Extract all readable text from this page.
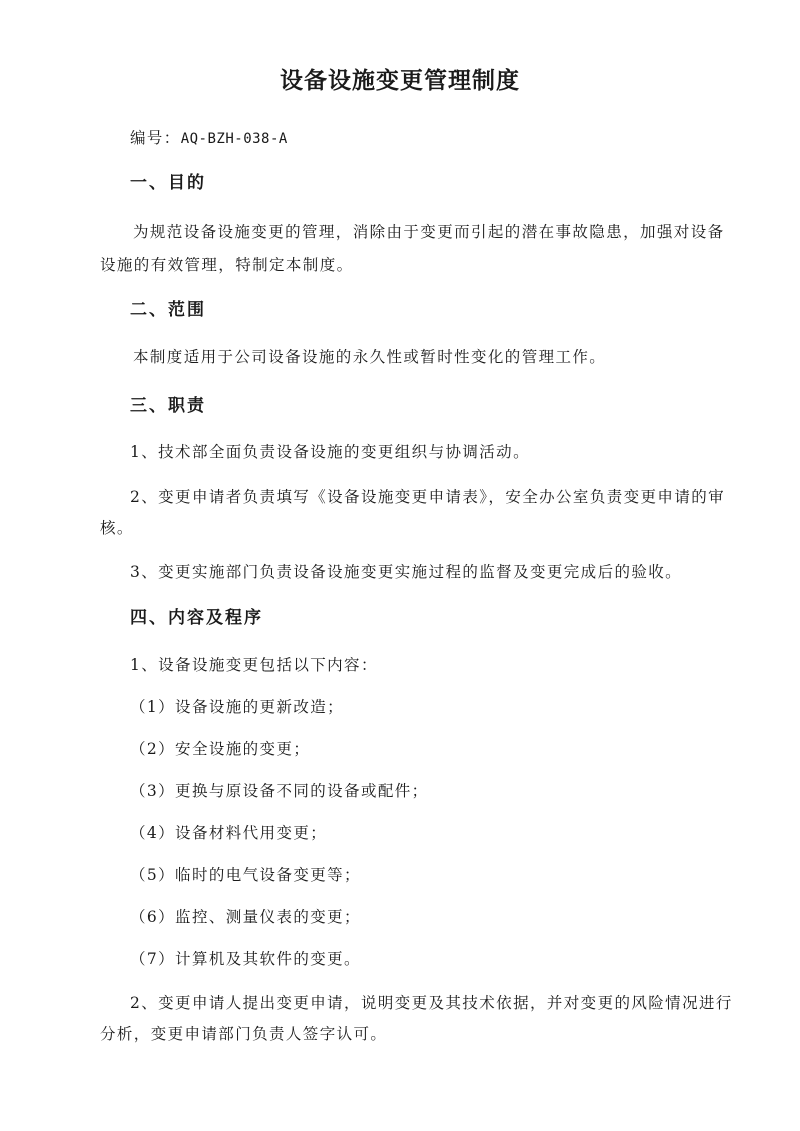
设备设施变更管理制度
编号：AQ-BZH-038-A
一、目的
为规范设备设施变更的管理，消除由于变更而引起的潜在事故隐患，加强对设备
设施的有效管理，特制定本制度。
二、范围
本制度适用于公司设备设施的永久性或暂时性变化的管理工作。
三、职责
1、技术部全面负责设备设施的变更组织与协调活动。
2、变更申请者负责填写《设备设施变更申请表》，安全办公室负责变更申请的审
核。
3、变更实施部门负责设备设施变更实施过程的监督及变更完成后的验收。
四、内容及程序
1、设备设施变更包括以下内容：
（1）设备设施的更新改造；
（2）安全设施的变更；
（3）更换与原设备不同的设备或配件；
（4）设备材料代用变更；
（5）临时的电气设备变更等；
（6）监控、测量仪表的变更；
（7）计算机及其软件的变更。
2、变更申请人提出变更申请，说明变更及其技术依据，并对变更的风险情况进行
分析，变更申请部门负责人签字认可。
